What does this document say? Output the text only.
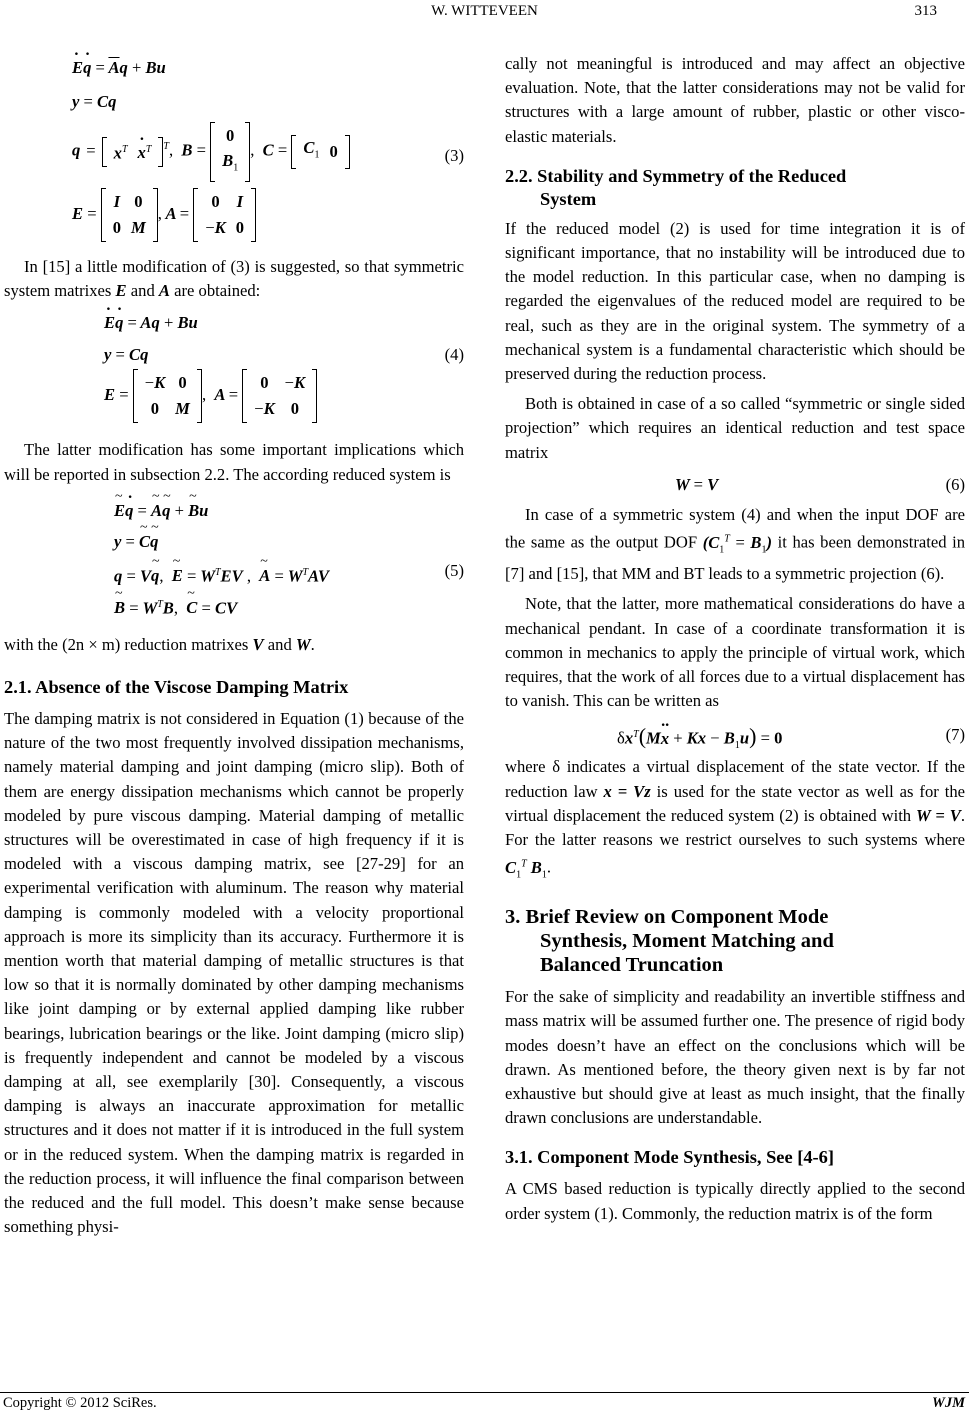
W. WITTEVEEN	313
. E. $q = \overline{A}q + Bu$
y = Cq
$q = x^T$	$.x^T$ $^T$,  B =
0
$B_1$
,  $C = C_1$	0
E =
I	0
0	M
, A =
0	I
−K	0
(3)

In [15] a little modification of (3) is suggested, so that symmetric system matrixes E and A are obtained:

. E. q = Aq + Bu
y = Cq
E =
−K	0
0	M
,  A =
0	−K
−K	0
(4)

The latter modification has some important implications which will be reported in subsection 2.2. The according reduced system is

~ E. q = ~ A~ q + ~ Bu
y = ~ C~ q
q = V~ q, ~ $E = W^TEV$ , ~ $A = W^TAV$
~ $B = W^TB$, ~ C = CV
(5)

with the (2n × m) reduction matrixes V and W.

2.1. Absence of the Viscose Damping Matrix

The damping matrix is not considered in Equation (1) because of the nature of the two most frequently involved dissipation mechanisms, namely material damping and joint damping (micro slip). Both of them are energy dissipation mechanisms which cannot be properly modeled by pure viscous damping. Material damping of metallic structures will be overestimated in case of high frequency if it is modeled with a viscous damping matrix, see [27-29] for an experimental verification with aluminum. The reason why material damping is commonly modeled with a velocity proportional approach is more its simplicity than its accuracy. Furthermore it is mention worth that material damping of metallic structures is that low so that it is normally dominated by other damping mechanisms like joint damping or by external applied damping like rubber bearings, lubrication bearings or the like. Joint damping (micro slip) is frequently independent and cannot be modeled by a viscous damping at all, see exemplarily [30]. Consequently, a viscous damping is always an inaccurate approximation for metallic structures and it does not matter if it is introduced in the full system or in the reduced system. When the damping matrix is regarded in the reduction process, it will influence the final comparison between the reduced and the full model. This doesn’t make sense because something physi-

cally not meaningful is introduced and may affect an objective evaluation. Note, that the latter considerations may not be valid for structures with a large amount of rubber, plastic or other visco-elastic materials.

2.2. Stability and Symmetry of the Reduced
System

If the reduced model (2) is used for time integration it is of significant importance, that no instability will be introduced due to the model reduction. In this particular case, when no damping is regarded the eigenvalues of the reduced model are required to be real, such as they are in the original system. The symmetry of a mechanical system is a fundamental characteristic which should be preserved during the reduction process.

Both is obtained in case of a so called “symmetric or single sided projection” which requires an identical reduction and test space matrix

W = V	(6)

In case of a symmetric system (4) and when the input DOF are the same as the output DOF $(C_1^T = B_1)$ it has been demonstrated in [7] and [15], that MM and BT leads to a symmetric projection (6).

Note, that the latter, more mathematical considerations do have a mechanical pendant. In case of a coordinate transformation it is common in mechanics to apply the principle of virtual work, which requires, that the work of all forces due to a virtual displacement has to vanish. This can be written as

$\delta x^T(M$.. $x + Kx - B_1u) = 0$	(7)

where δ indicates a virtual displacement of the state vector. If the reduction law x = Vz is used for the state vector as well as for the virtual displacement the reduced system (2) is obtained with W = V. For the latter reasons we restrict ourselves to such systems where $C_1^T$ $B_1$.

3. Brief Review on Component Mode
Synthesis, Moment Matching and
Balanced Truncation

For the sake of simplicity and readability an invertible stiffness and mass matrix will be assumed further one. The presence of rigid body modes doesn’t have an effect on the conclusions which will be drawn. As mentioned before, the theory given next is by far not exhaustive but should give at least as much insight, that the finally drawn conclusions are understandable.

3.1. Component Mode Synthesis, See [4-6]

A CMS based reduction is typically directly applied to the second order system (1). Commonly, the reduction matrix is of the form

Copyright © 2012 SciRes.	WJM
